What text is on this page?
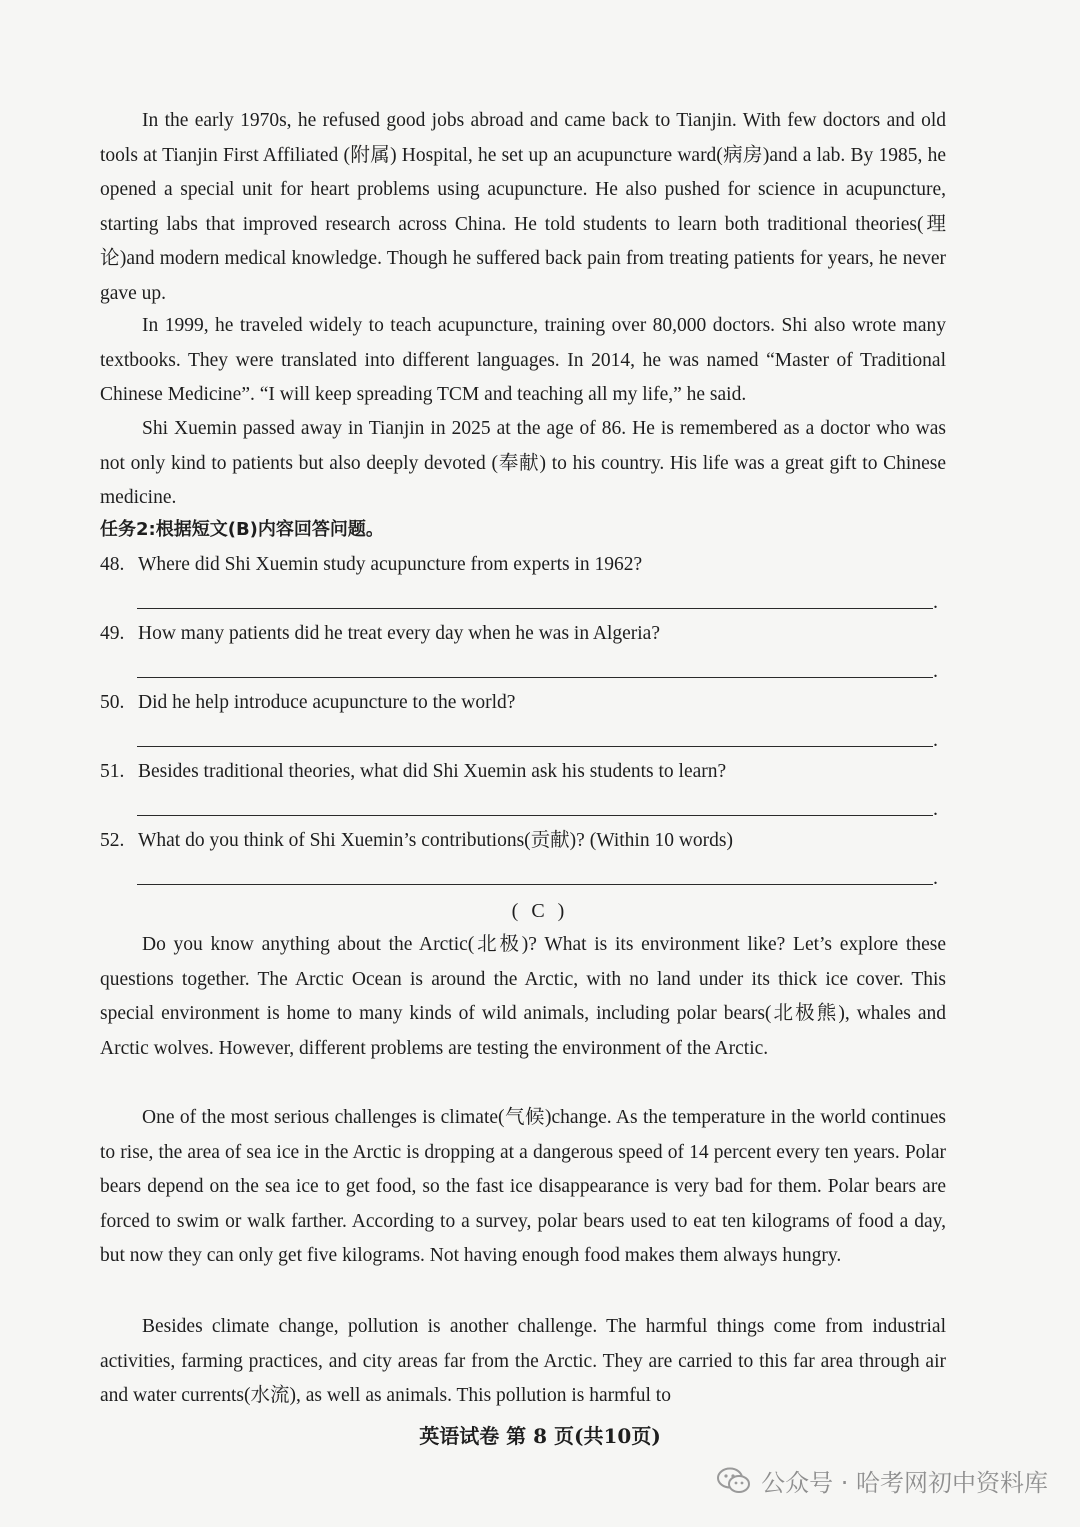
In the early 1970s, he refused good jobs abroad and came back to Tianjin. With few doctors and old tools at Tianjin First Affiliated (附属) Hospital, he set up an acupuncture ward(病房)and a lab. By 1985, he opened a special unit for heart problems using acupuncture. He also pushed for science in acupuncture, starting labs that improved research across China. He told students to learn both traditional theories(理论)and modern medical knowledge. Though he suffered back pain from treating patients for years, he never gave up.

In 1999, he traveled widely to teach acupuncture, training over 80,000 doctors. Shi also wrote many textbooks. They were translated into different languages. In 2014, he was named “Master of Traditional Chinese Medicine”. “I will keep spreading TCM and teaching all my life,” he said.

Shi Xuemin passed away in Tianjin in 2025 at the age of 86. He is remembered as a doctor who was not only kind to patients but also deeply devoted (奉献) to his country. His life was a great gift to Chinese medicine.

任务2:根据短文(B)内容回答问题。
48. Where did Shi Xuemin study acupuncture from experts in 1962?
.
49. How many patients did he treat every day when he was in Algeria?
.
50. Did he help introduce acupuncture to the world?
.
51. Besides traditional theories, what did Shi Xuemin ask his students to learn?
.
52. What do you think of Shi Xuemin’s contributions(贡献)? (Within 10 words)
.
( C )

Do you know anything about the Arctic(北极)? What is its environment like? Let’s explore these questions together. The Arctic Ocean is around the Arctic, with no land under its thick ice cover. This special environment is home to many kinds of wild animals, including polar bears(北极熊), whales and Arctic wolves. However, different problems are testing the environment of the Arctic.

One of the most serious challenges is climate(气候)change. As the temperature in the world continues to rise, the area of sea ice in the Arctic is dropping at a dangerous speed of 14 percent every ten years. Polar bears depend on the sea ice to get food, so the fast ice disappearance is very bad for them. Polar bears are forced to swim or walk farther. According to a survey, polar bears used to eat ten kilograms of food a day, but now they can only get five kilograms. Not having enough food makes them always hungry.

Besides climate change, pollution is another challenge. The harmful things come from industrial activities, farming practices, and city areas far from the Arctic. They are carried to this far area through air and water currents(水流), as well as animals. This pollution is harmful to

英语试卷 第 8 页(共10页)
公众号 · 哈考网初中资料库
